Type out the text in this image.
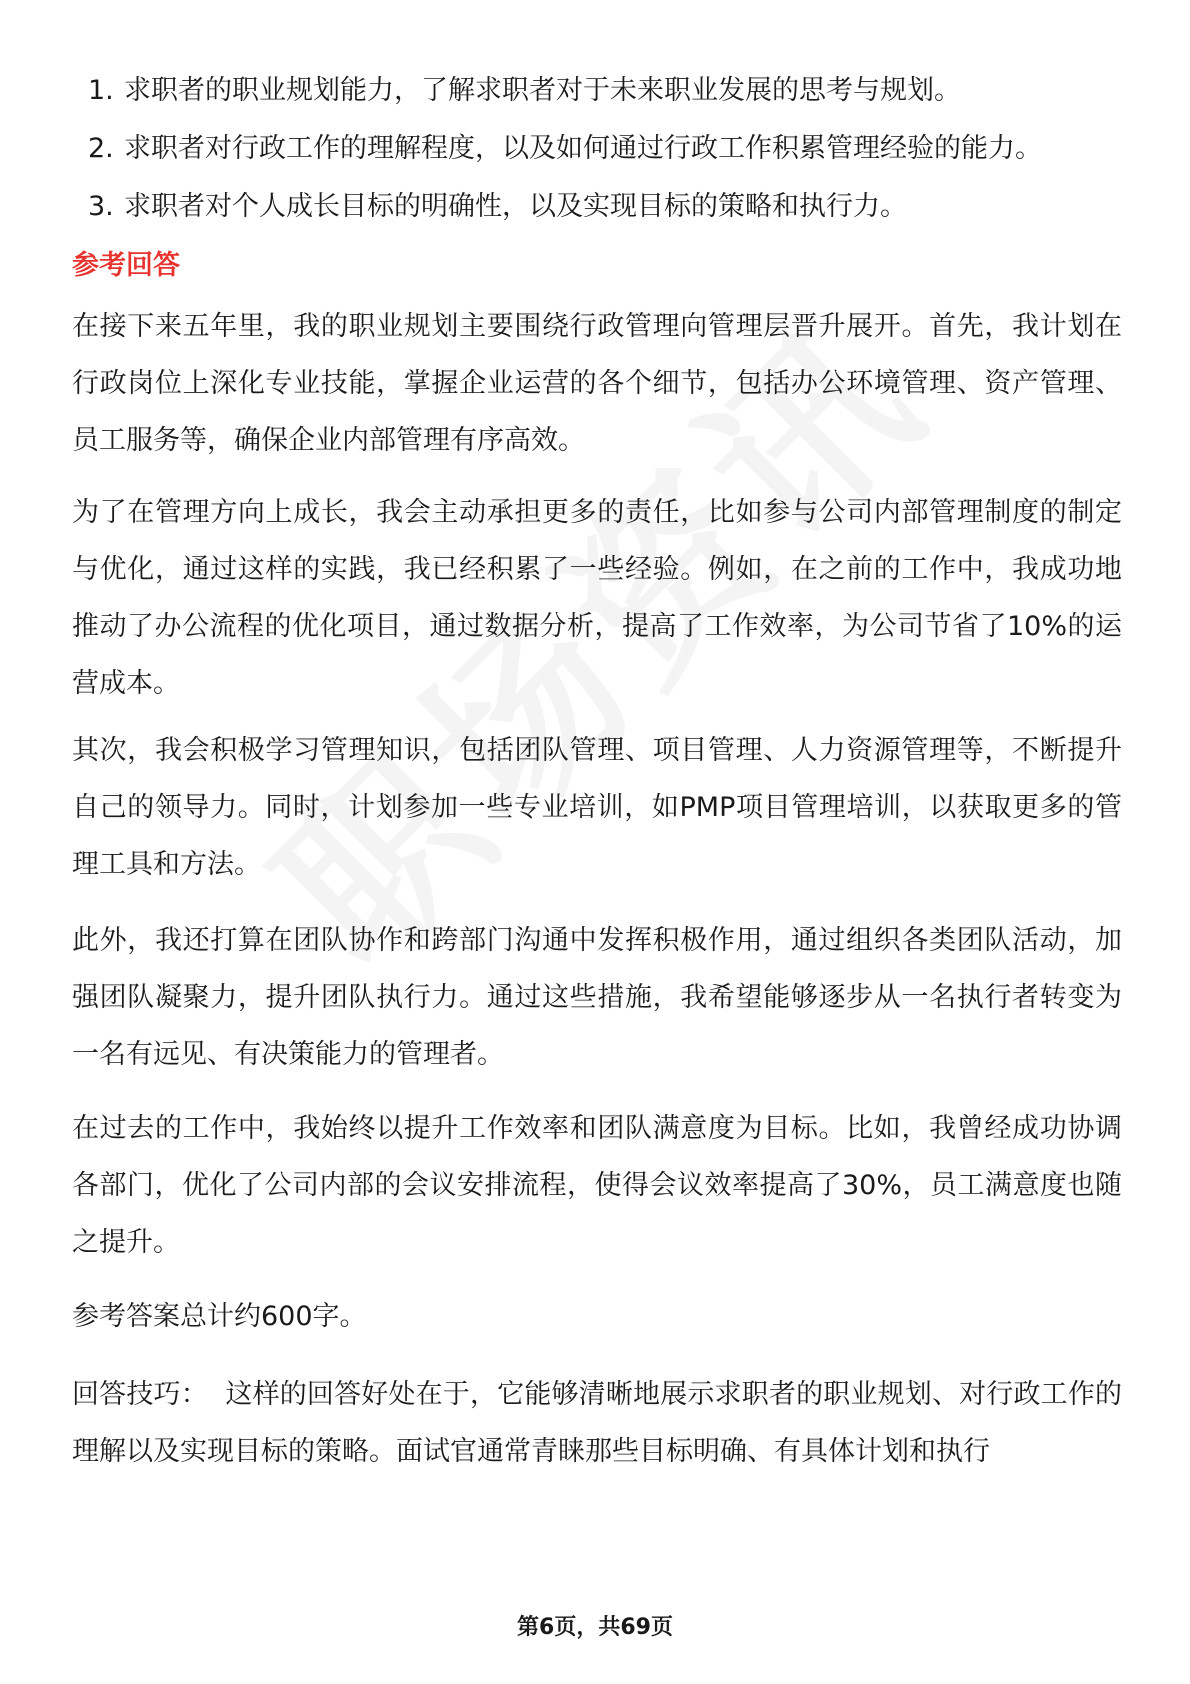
1. 求职者的职业规划能力，了解求职者对于未来职业发展的思考与规划。
2. 求职者对行政工作的理解程度，以及如何通过行政工作积累管理经验的能力。
3. 求职者对个人成长目标的明确性，以及实现目标的策略和执行力。
参考回答

在接下来五年里，我的职业规划主要围绕行政管理向管理层晋升展开。首先，我计划在行政岗位上深化专业技能，掌握企业运营的各个细节，包括办公环境管理、资产管理、员工服务等，确保企业内部管理有序高效。

为了在管理方向上成长，我会主动承担更多的责任，比如参与公司内部管理制度的制定与优化，通过这样的实践，我已经积累了一些经验。例如，在之前的工作中，我成功地推动了办公流程的优化项目，通过数据分析，提高了工作效率，为公司节省了10%的运营成本。

其次，我会积极学习管理知识，包括团队管理、项目管理、人力资源管理等，不断提升自己的领导力。同时，计划参加一些专业培训，如PMP项目管理培训，以获取更多的管理工具和方法。

此外，我还打算在团队协作和跨部门沟通中发挥积极作用，通过组织各类团队活动，加强团队凝聚力，提升团队执行力。通过这些措施，我希望能够逐步从一名执行者转变为一名有远见、有决策能力的管理者。

在过去的工作中，我始终以提升工作效率和团队满意度为目标。比如，我曾经成功协调各部门，优化了公司内部的会议安排流程，使得会议效率提高了30%，员工满意度也随之提升。

参考答案总计约600字。

回答技巧：  这样的回答好处在于，它能够清晰地展示求职者的职业规划、对行政工作的理解以及实现目标的策略。面试官通常青睐那些目标明确、有具体计划和执行

第6页，共69页
